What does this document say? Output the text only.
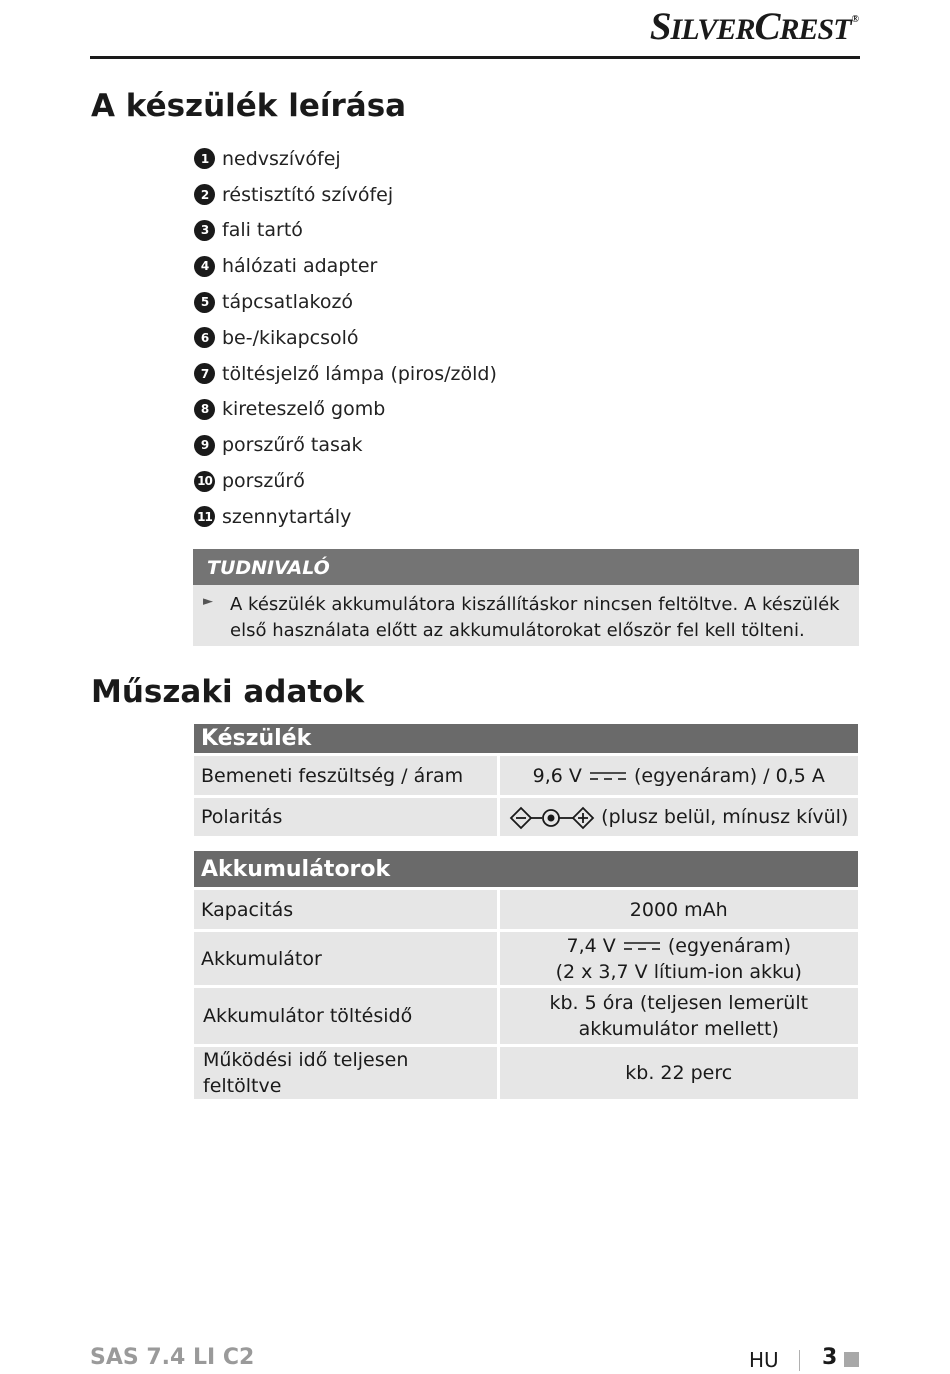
SILVERCREST®
A készülék leírása
1 nedvszívófej
2 réstisztító szívófej
3 fali tartó
4 hálózati adapter
5 tápcsatlakozó
6 be-/kikapcsoló
7 töltésjelző lámpa (piros/zöld)
8 kireteszelő gomb
9 porszűrő tasak
10 porszűrő
11 szennytartály
TUDNIVALÓ
► A készülék akkumulátora kiszállításkor nincsen feltöltve. A készülék első használata előtt az akkumulátorokat először fel kell tölteni.
Műszaki adatok
Készülék	
Bemeneti feszültség / áram	9,6 V (egyenáram) / 0,5 A
Polaritás	(plusz belül, mínusz kívül)
Akkumulátorok	
Kapacitás	2000 mAh
Akkumulátor	7,4 V (egyenáram)
(2 x 3,7 V lítium-ion akku)
Akkumulátor töltésidő	kb. 5 óra (teljesen lemerült akkumulátor mellett)
Működési idő teljesen feltöltve	kb. 22 perc
SAS 7.4 LI C2	HU 3
